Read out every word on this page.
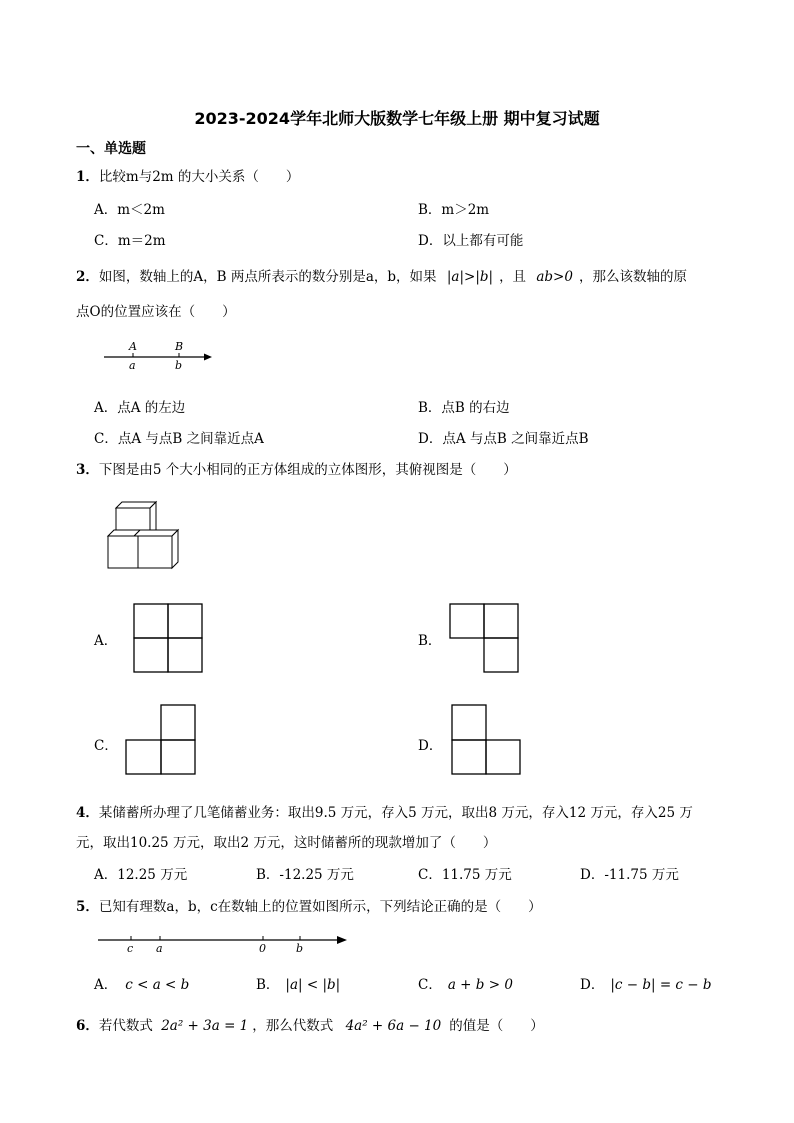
2023-2024学年北师大版数学七年级上册 期中复习试题
一、单选题
1．比较m与2m 的大小关系（　　）
A．m＜2m	B．m＞2m
C．m＝2m	D．以上都有可能
2．如图，数轴上的A，B 两点所表示的数分别是a，b，如果 |a|>|b| ，且 ab>0 ，那么该数轴的原
点O的位置应该在（　　）
A	B
a	b
A．点A 的左边	B．点B 的右边
C．点A 与点B 之间靠近点A	D．点A 与点B 之间靠近点B
3．下图是由5 个大小相同的正方体组成的立体图形，其俯视图是（　　）
A．	B．
C．	D．
4．某储蓄所办理了几笔储蓄业务：取出9.5 万元，存入5 万元，取出8 万元，存入12 万元，存入25 万
元，取出10.25 万元，取出2 万元，这时储蓄所的现款增加了（　　）
A．12.25 万元	B．-12.25 万元	C．11.75 万元	D．-11.75 万元
5．已知有理数a，b，c在数轴上的位置如图所示，下列结论正确的是（　　）
c a	0	b
A． c < a < b	B． |a| < |b|	C． a + b > 0	D． |c − b| = c − b
6．若代数式 2a² + 3a = 1 ，那么代数式 4a² + 6a − 10 的值是（　　）
